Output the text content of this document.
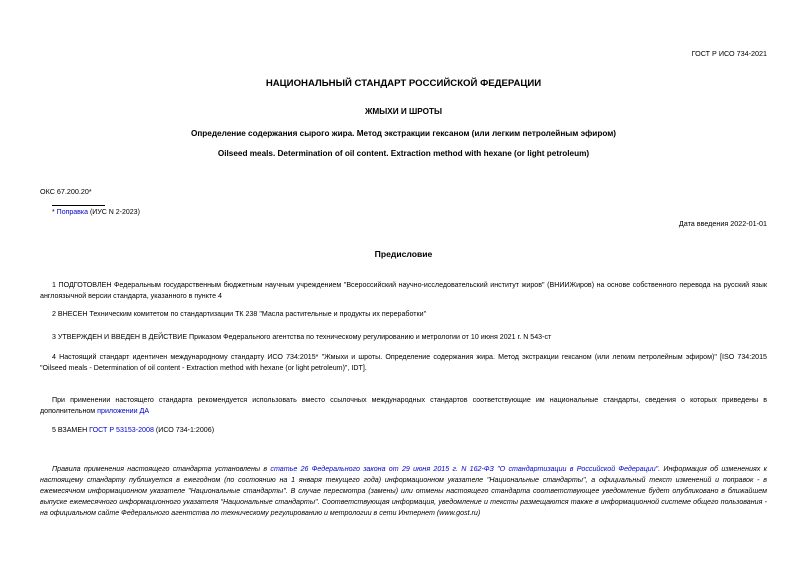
ГОСТ Р ИСО 734-2021
НАЦИОНАЛЬНЫЙ СТАНДАРТ РОССИЙСКОЙ ФЕДЕРАЦИИ
ЖМЫХИ И ШРОТЫ
Определение содержания сырого жира. Метод экстракции гексаном (или легким петролейным эфиром)
Oilseed meals. Determination of oil content. Extraction method with hexane (or light petroleum)
ОКС 67.200.20*
* Поправка (ИУС N 2-2023)
Дата введения 2022-01-01
Предисловие
1 ПОДГОТОВЛЕН Федеральным государственным бюджетным научным учреждением "Всероссийский научно-исследовательский институт жиров" (ВНИИЖиров) на основе собственного перевода на русский язык англоязычной версии стандарта, указанного в пункте 4
2 ВНЕСЕН Техническим комитетом по стандартизации ТК 238 "Масла растительные и продукты их переработки"
3 УТВЕРЖДЕН И ВВЕДЕН В ДЕЙСТВИЕ Приказом Федерального агентства по техническому регулированию и метрологии от 10 июня 2021 г. N 543-ст
4 Настоящий стандарт идентичен международному стандарту ИСО 734:2015* "Жмыхи и шроты. Определение содержания жира. Метод экстракции гексаном (или легким петролейным эфиром)" [ISO 734:2015 "Oilseed meals - Determination of oil content - Extraction method with hexane (or light petroleum)", IDT].
При применении настоящего стандарта рекомендуется использовать вместо ссылочных международных стандартов соответствующие им национальные стандарты, сведения о которых приведены в дополнительном приложении ДА
5 ВЗАМЕН ГОСТ Р 53153-2008 (ИСО 734-1:2006)
Правила применения настоящего стандарта установлены в статье 26 Федерального закона от 29 июня 2015 г. N 162-ФЗ "О стандартизации в Российской Федерации". Информация об изменениях к настоящему стандарту публикуется в ежегодном (по состоянию на 1 января текущего года) информационном указателе "Национальные стандарты", а официальный текст изменений и поправок - в ежемесячном информационном указателе "Национальные стандарты". В случае пересмотра (замены) или отмены настоящего стандарта соответствующее уведомление будет опубликовано в ближайшем выпуске ежемесячного информационного указателя "Национальные стандарты". Соответствующая информация, уведомление и тексты размещаются также в информационной системе общего пользования - на официальном сайте Федерального агентства по техническому регулированию и метрологии в сети Интернет (www.gost.ru)
